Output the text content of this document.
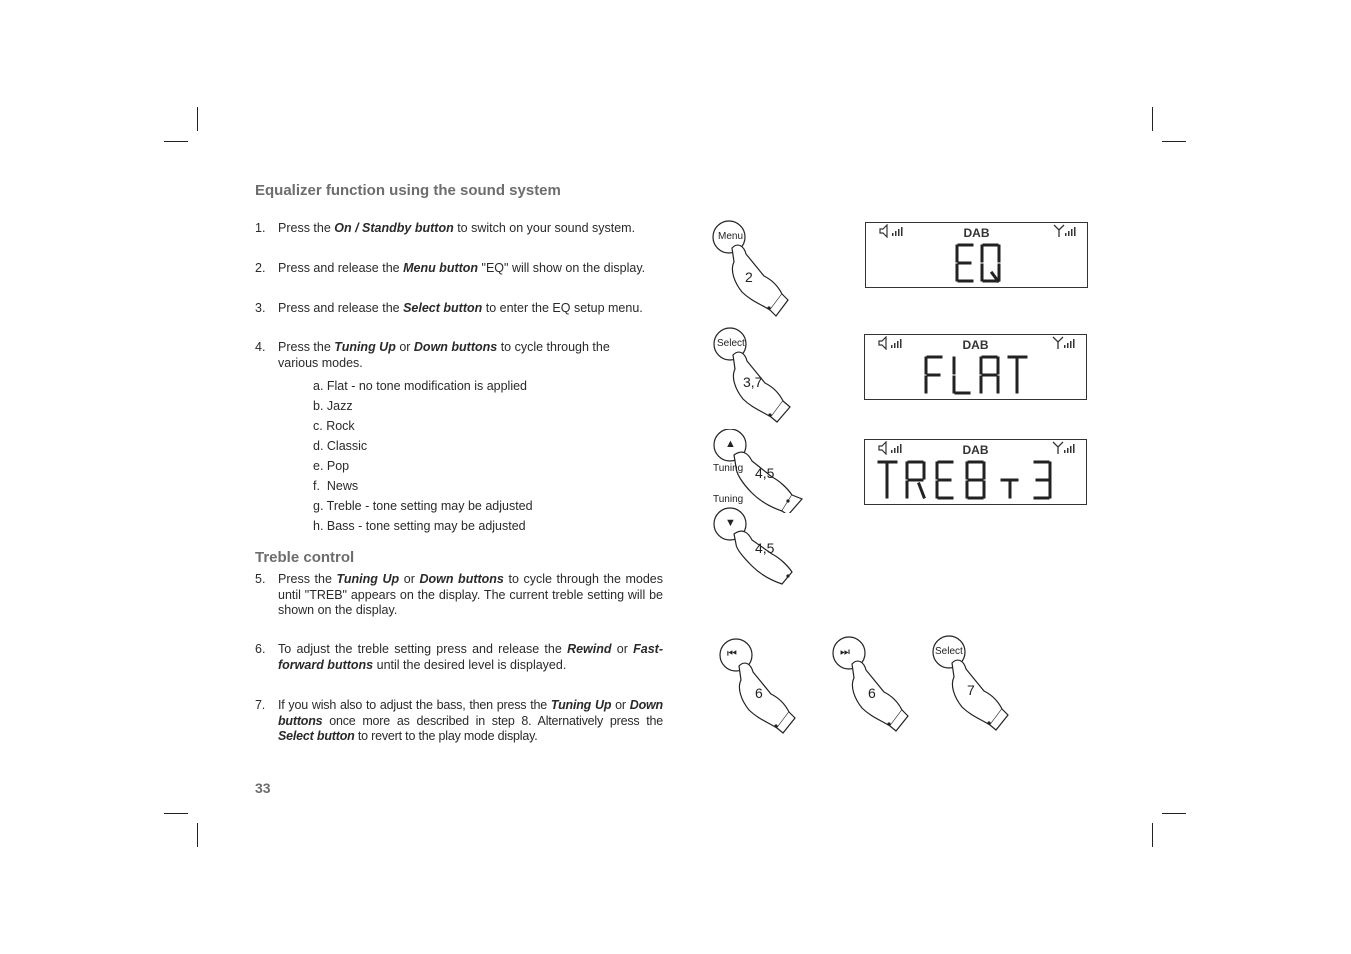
Equalizer function using the sound system
1. Press the On / Standby button to switch on your sound system.
2. Press and release the Menu button "EQ" will show on the display.
3. Press and release the Select button to enter the EQ setup menu.
4. Press the Tuning Up or Down buttons to cycle through the various modes.
a. Flat - no tone modification is applied
b. Jazz
c. Rock
d. Classic
e. Pop
f.  News
g. Treble - tone setting may be adjusted
h. Bass - tone setting may be adjusted
Treble control
5. Press the Tuning Up or Down buttons to cycle through the modes until "TREB" appears on the display. The current treble setting will be shown on the display.
6. To adjust the treble setting press and release the Rewind or Fast-forward buttons until the desired level is displayed.
7. If you wish also to adjust the bass, then press the Tuning Up or Down buttons once more as described in step 8. Alternatively press the Select button to revert to the play mode display.
33
DAB
DAB
DAB
Menu
2
Select
3,7
▲
Tuning 4,5
Tuning
▼
4,5
⏮
6
⏭
6
Select
7
